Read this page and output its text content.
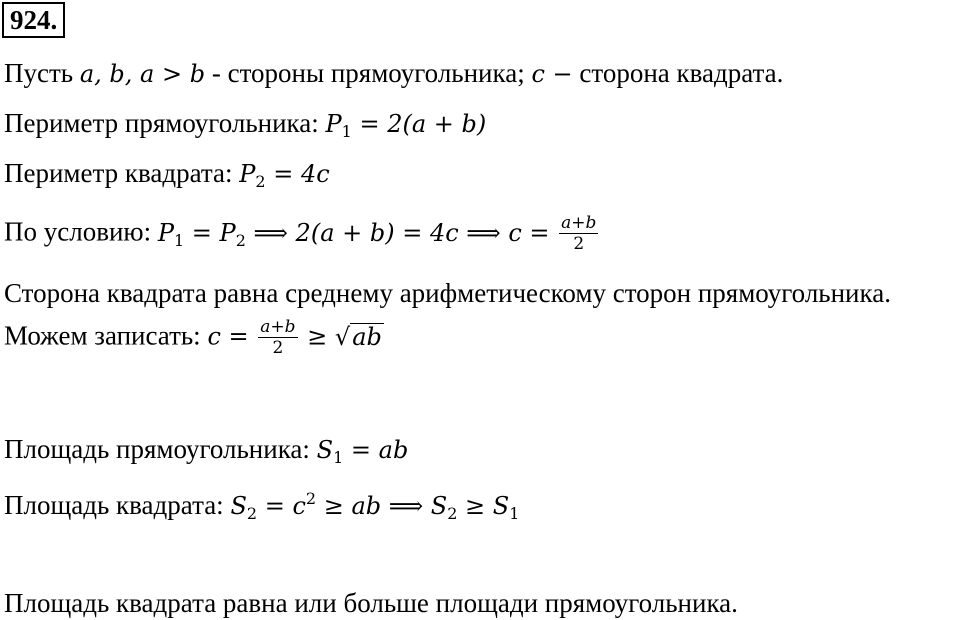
924.
Пусть a, b, a > b - стороны прямоугольника; c − сторона квадрата.
Периметр прямоугольника: $P_1 = 2(a + b)$
Периметр квадрата: $P_2 = 4c$
По условию: $P_1 = P_2$ ⟹ 2(a + b) = 4c ⟹ $c = \frac{a+b}{2}$
Сторона квадрата равна среднему арифметическому сторон прямоугольника.
Можем записать: $c = \frac{a+b}{2} \ge √ab$
Площадь прямоугольника: $S_1$ = ab
Площадь квадрата: $S_2 = c^2$ ≥ ab ⟹ $S_2 \ge S_1$
Площадь квадрата равна или больше площади прямоугольника.
